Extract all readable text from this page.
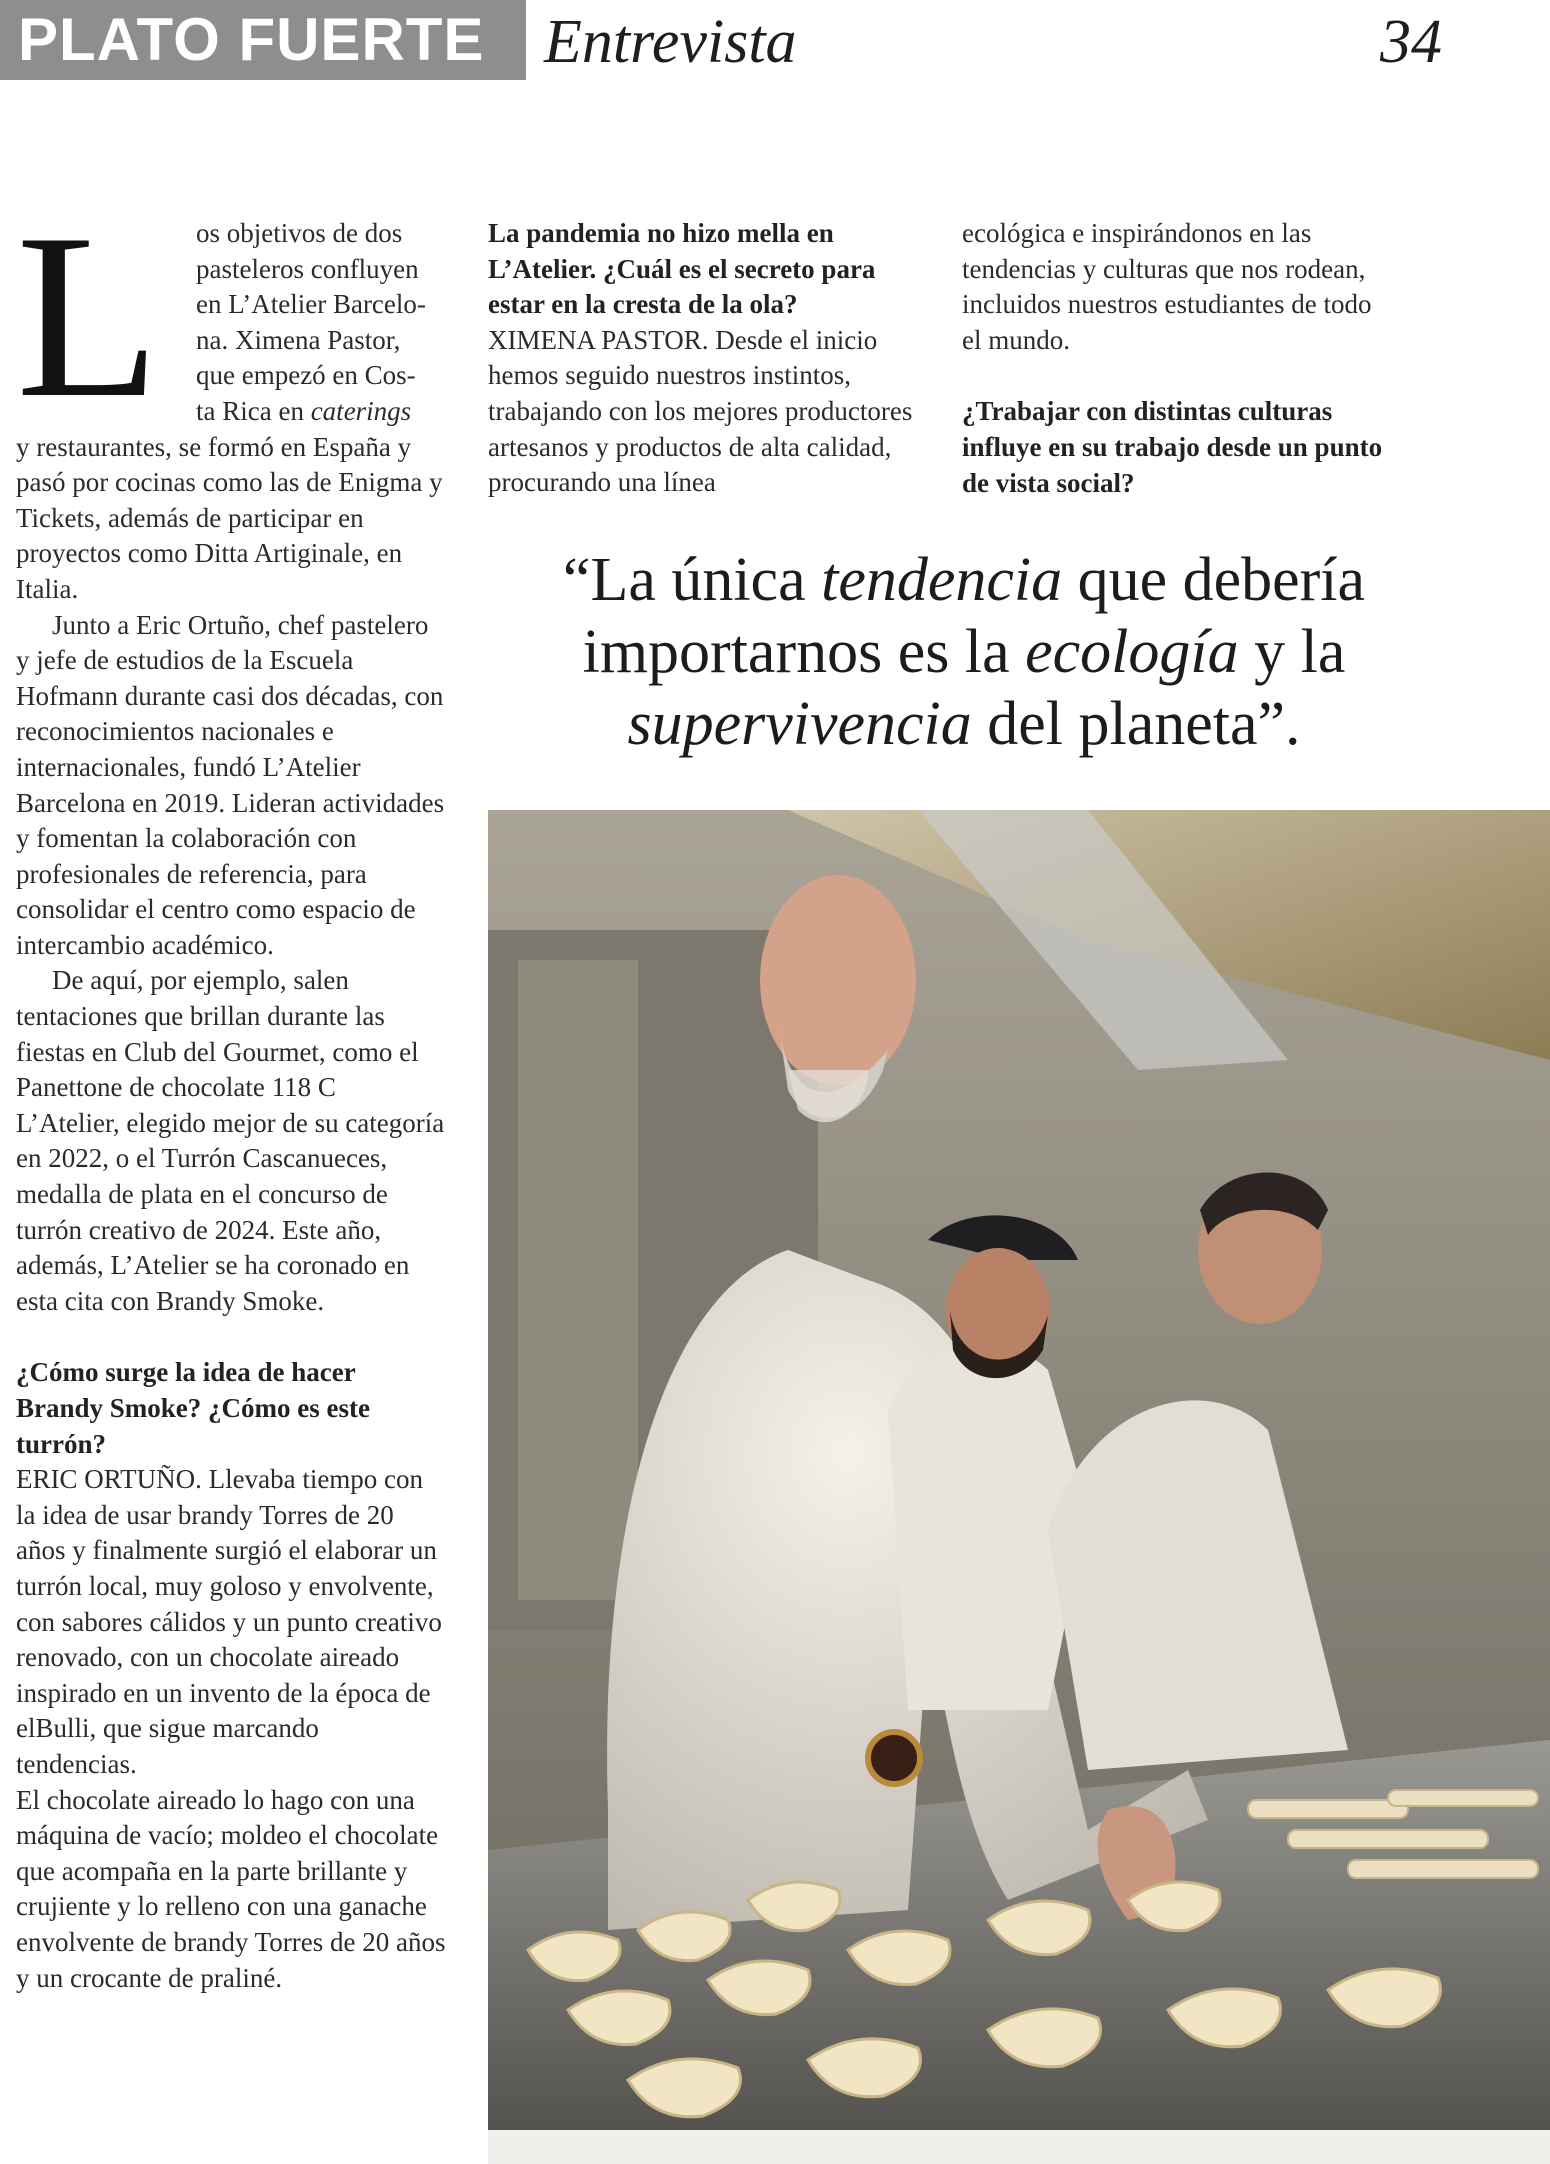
PLATO FUERTE Entrevista	34
L	os objetivos de dos
pasteleros confluyen
en L’Atelier Barcelo-
na. Ximena Pastor,
que empezó en Cos-
ta Rica en caterings

y restaurantes, se formó en España y pasó por cocinas como las de Enigma y Tickets, además de participar en proyectos como Ditta Artiginale, en Italia.

Junto a Eric Ortuño, chef pastelero y jefe de estudios de la Escuela Hofmann durante casi dos décadas, con reconocimientos nacionales e internacionales, fundó L’Atelier Barcelona en 2019. Lideran actividades y fomentan la colaboración con profesionales de referencia, para consolidar el centro como espacio de intercambio académico.

De aquí, por ejemplo, salen tentaciones que brillan durante las fiestas en Club del Gourmet, como el Panettone de chocolate 118 C L’Atelier, elegido mejor de su categoría en 2022, o el Turrón Cascanueces, medalla de plata en el concurso de turrón creativo de 2024. Este año, además, L’Atelier se ha coronado en esta cita con Brandy Smoke.

¿Cómo surge la idea de hacer Brandy Smoke? ¿Cómo es este turrón?

ERIC ORTUÑO. Llevaba tiempo con la idea de usar brandy Torres de 20 años y finalmente surgió el elaborar un turrón local, muy goloso y envolvente, con sabores cálidos y un punto creativo renovado, con un chocolate aireado inspirado en un invento de la época de elBulli, que sigue marcando tendencias.

El chocolate aireado lo hago con una máquina de vacío; moldeo el chocolate que acompaña en la parte brillante y crujiente y lo relleno con una ganache envolvente de brandy Torres de 20 años y un crocante de praliné.

La pandemia no hizo mella en L’Atelier. ¿Cuál es el secreto para estar en la cresta de la ola?

XIMENA PASTOR. Desde el inicio hemos seguido nuestros instintos, trabajando con los mejores productores artesanos y productos de alta calidad, procurando una línea

ecológica e inspirándonos en las tendencias y culturas que nos rodean, incluidos nuestros estudiantes de todo el mundo.

¿Trabajar con distintas culturas influye en su trabajo desde un punto de vista social?

“La única tendencia que debería importarnos es la ecología y la supervivencia del planeta”.
